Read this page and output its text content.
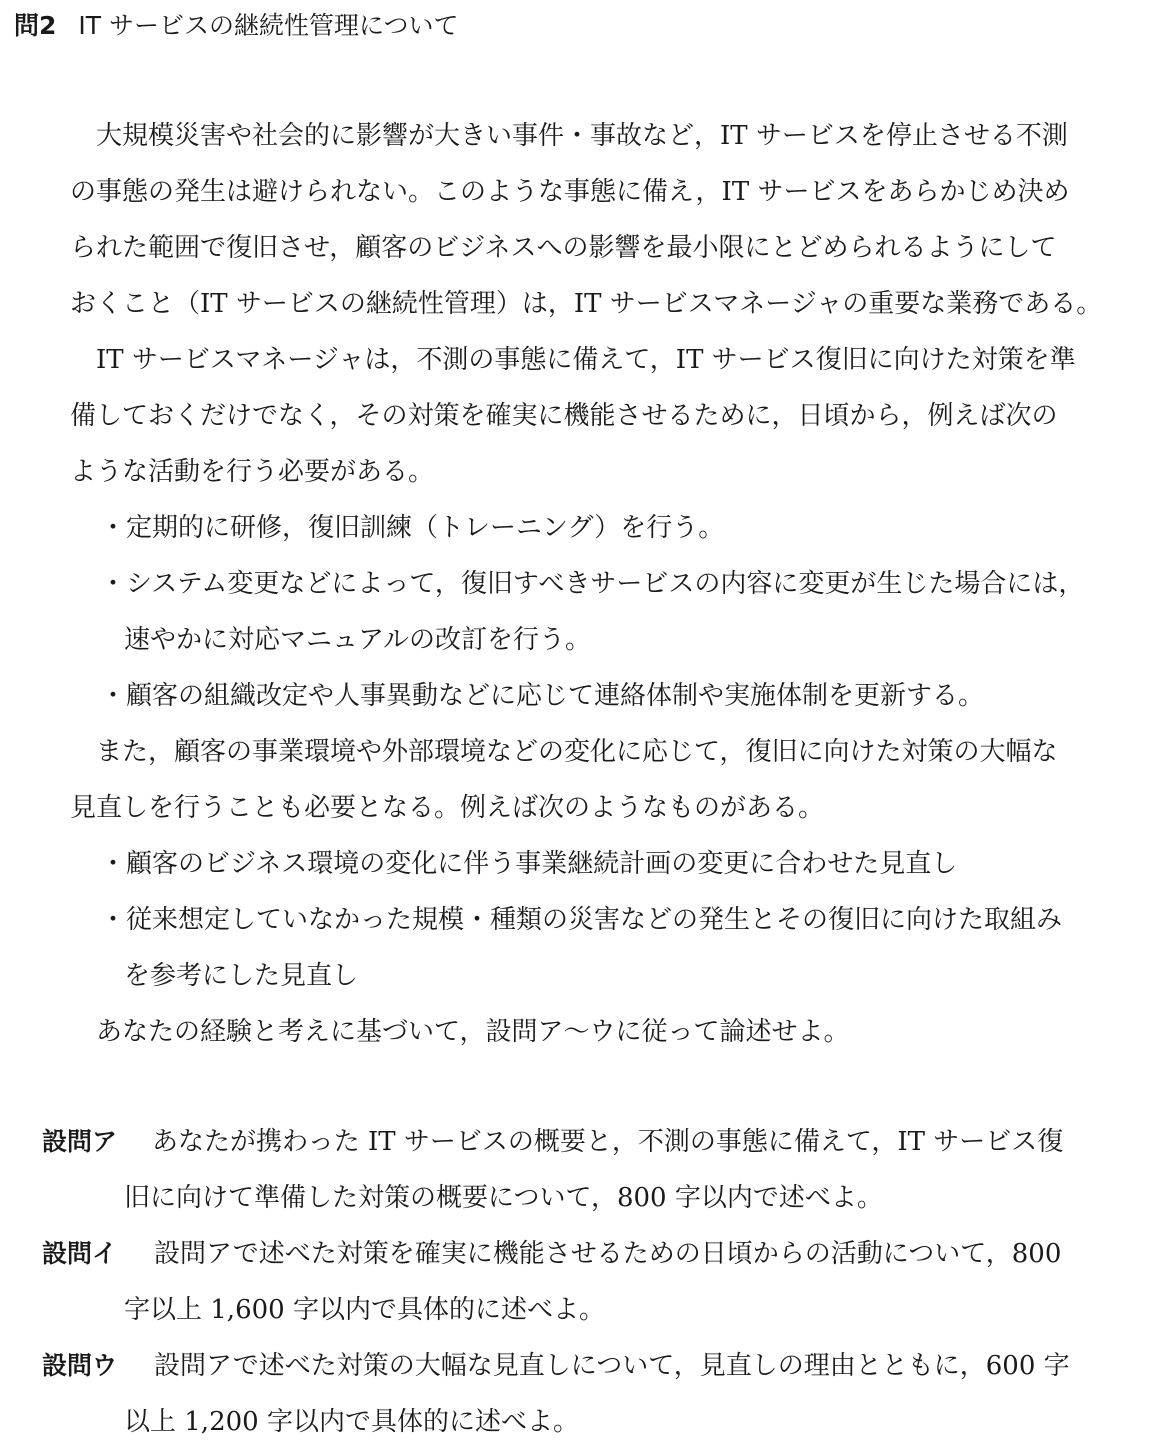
問2 IT サービスの継続性管理について
大規模災害や社会的に影響が大きい事件・事故など，IT サービスを停止させる不測
の事態の発生は避けられない。このような事態に備え，IT サービスをあらかじめ決め
られた範囲で復旧させ，顧客のビジネスへの影響を最小限にとどめられるようにして
おくこと（IT サービスの継続性管理）は，IT サービスマネージャの重要な業務である。
IT サービスマネージャは，不測の事態に備えて，IT サービス復旧に向けた対策を準
備しておくだけでなく，その対策を確実に機能させるために，日頃から，例えば次の
ような活動を行う必要がある。
・定期的に研修，復旧訓練（トレーニング）を行う。
・システム変更などによって，復旧すべきサービスの内容に変更が生じた場合には，
速やかに対応マニュアルの改訂を行う。
・顧客の組織改定や人事異動などに応じて連絡体制や実施体制を更新する。
また，顧客の事業環境や外部環境などの変化に応じて，復旧に向けた対策の大幅な
見直しを行うことも必要となる。例えば次のようなものがある。
・顧客のビジネス環境の変化に伴う事業継続計画の変更に合わせた見直し
・従来想定していなかった規模・種類の災害などの発生とその復旧に向けた取組み
を参考にした見直し
あなたの経験と考えに基づいて，設問ア～ウに従って論述せよ。
設問ア あなたが携わった IT サービスの概要と，不測の事態に備えて，IT サービス復
旧に向けて準備した対策の概要について，800 字以内で述べよ。
設問イ 設問アで述べた対策を確実に機能させるための日頃からの活動について，800
字以上 1,600 字以内で具体的に述べよ。
設問ウ 設問アで述べた対策の大幅な見直しについて，見直しの理由とともに，600 字
以上 1,200 字以内で具体的に述べよ。
